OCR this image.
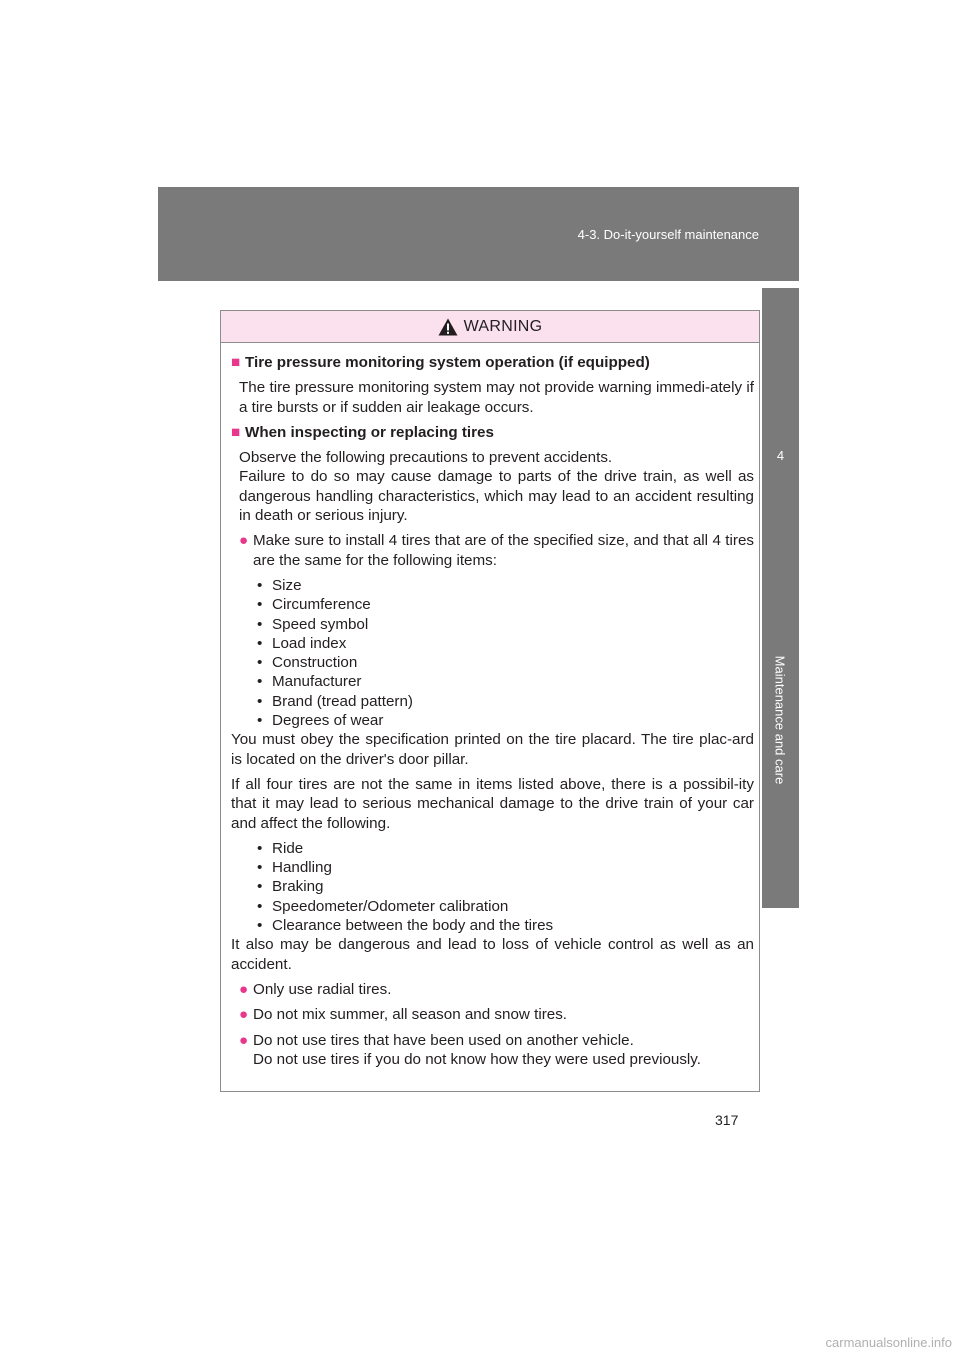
4-3. Do-it-yourself maintenance
4
Maintenance and care
WARNING
■ Tire pressure monitoring system operation (if equipped)
The tire pressure monitoring system may not provide warning immedi-ately if a tire bursts or if sudden air leakage occurs.
■ When inspecting or replacing tires
Observe the following precautions to prevent accidents.
Failure to do so may cause damage to parts of the drive train, as well as dangerous handling characteristics, which may lead to an accident resulting in death or serious injury.
● Make sure to install 4 tires that are of the specified size, and that all 4 tires are the same for the following items:
• Size
• Circumference
• Speed symbol
• Load index
• Construction
• Manufacturer
• Brand (tread pattern)
• Degrees of wear
You must obey the specification printed on the tire placard. The tire plac-ard is located on the driver's door pillar.
If all four tires are not the same in items listed above, there is a possibil-ity that it may lead to serious mechanical damage to the drive train of your car and affect the following.
• Ride
• Handling
• Braking
• Speedometer/Odometer calibration
• Clearance between the body and the tires
It also may be dangerous and lead to loss of vehicle control as well as an accident.
● Only use radial tires.
● Do not mix summer, all season and snow tires.
● Do not use tires that have been used on another vehicle.
Do not use tires if you do not know how they were used previously.
317
carmanualsonline.info
